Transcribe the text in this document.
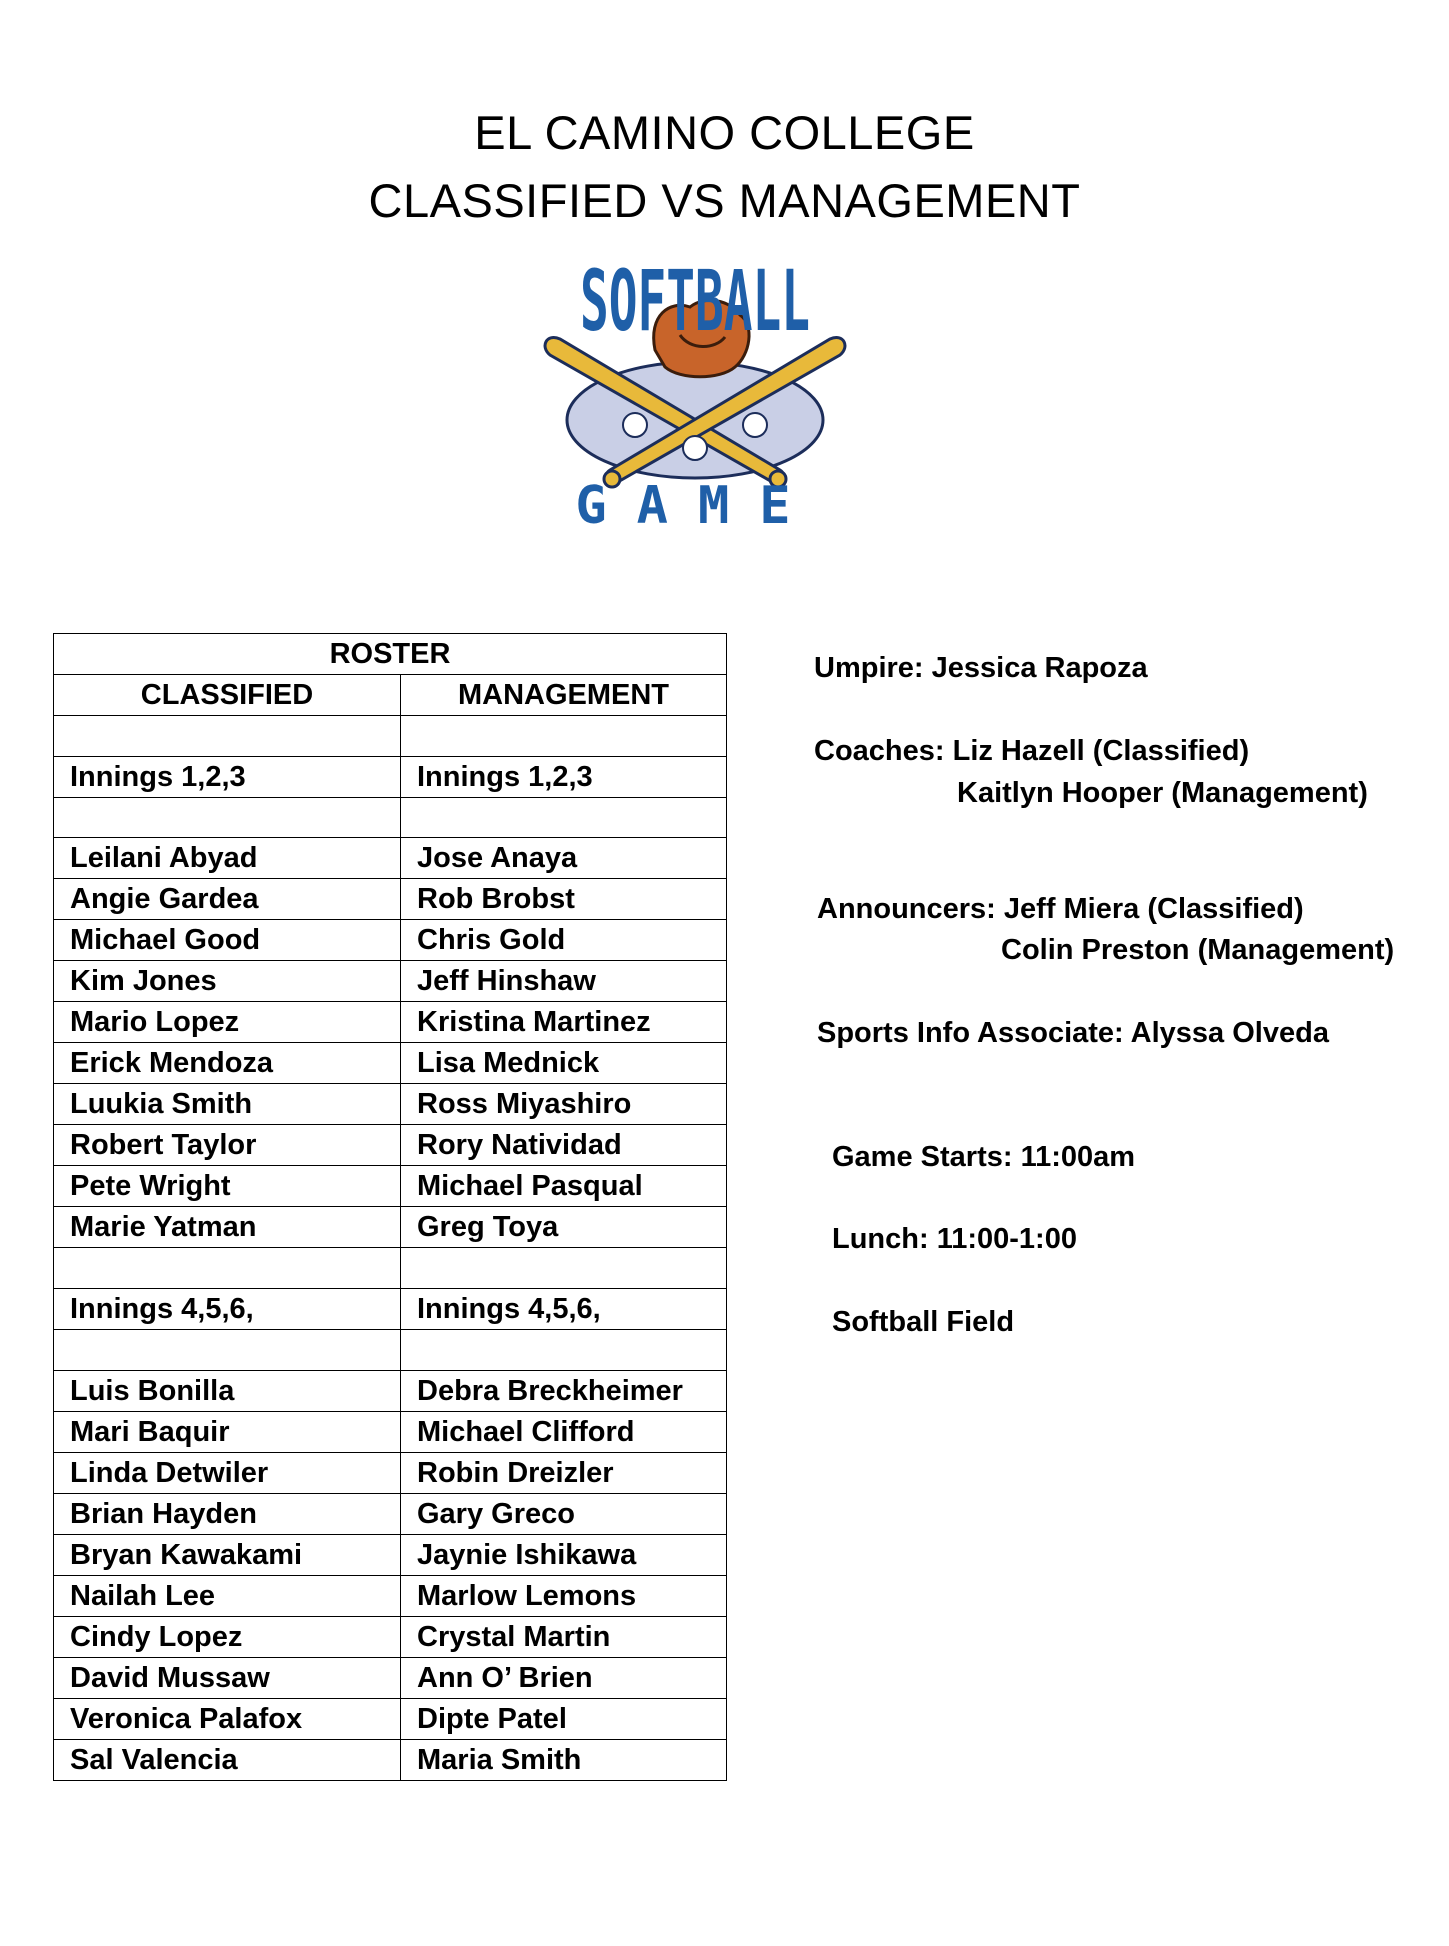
EL CAMINO COLLEGE
CLASSIFIED VS MANAGEMENT
SOFTBALL
GAME
ROSTER	
CLASSIFIED	MANAGEMENT

Innings 1,2,3	Innings 1,2,3

Leilani Abyad	Jose Anaya
Angie Gardea	Rob Brobst
Michael Good	Chris Gold
Kim Jones	Jeff Hinshaw
Mario Lopez	Kristina Martinez
Erick Mendoza	Lisa Mednick
Luukia Smith	Ross Miyashiro
Robert Taylor	Rory Natividad
Pete Wright	Michael Pasqual
Marie Yatman	Greg Toya

Innings 4,5,6,	Innings 4,5,6,

Luis Bonilla	Debra Breckheimer
Mari Baquir	Michael Clifford
Linda Detwiler	Robin Dreizler
Brian Hayden	Gary Greco
Bryan Kawakami	Jaynie Ishikawa
Nailah Lee	Marlow Lemons
Cindy Lopez	Crystal Martin
David Mussaw	Ann O’ Brien
Veronica Palafox	Dipte Patel
Sal Valencia	Maria Smith
Umpire: Jessica Rapoza
Coaches: Liz Hazell (Classified)
Kaitlyn Hooper (Management)
Announcers: Jeff Miera (Classified)
Colin Preston (Management)
Sports Info Associate: Alyssa Olveda
Game Starts: 11:00am
Lunch: 11:00-1:00
Softball Field
